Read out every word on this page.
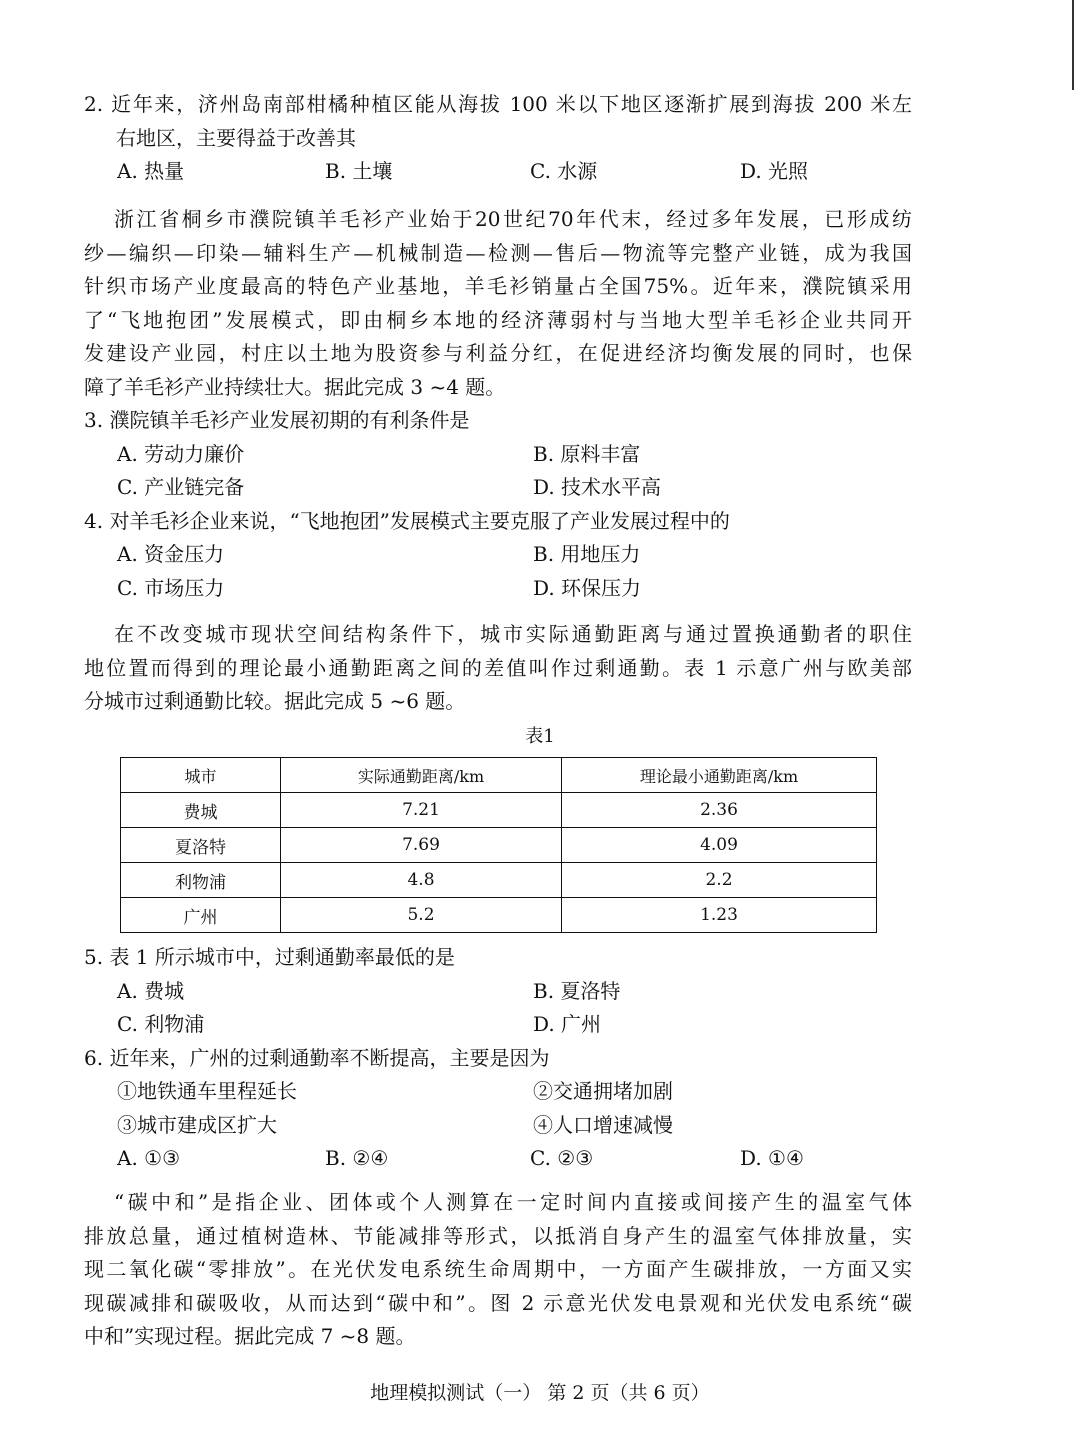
2. 近年来，济州岛南部柑橘种植区能从海拔 100 米以下地区逐渐扩展到海拔 200 米左
右地区，主要得益于改善其
A. 热量	B. 土壤	C. 水源	D. 光照
浙江省桐乡市濮院镇羊毛衫产业始于20世纪70年代末，经过多年发展，已形成纺
纱—编织—印染—辅料生产—机械制造—检测—售后—物流等完整产业链，成为我国
针织市场产业度最高的特色产业基地，羊毛衫销量占全国75%。近年来，濮院镇采用
了“飞地抱团”发展模式，即由桐乡本地的经济薄弱村与当地大型羊毛衫企业共同开
发建设产业园，村庄以土地为股资参与利益分红，在促进经济均衡发展的同时，也保
障了羊毛衫产业持续壮大。据此完成 3 ~4 题。
3. 濮院镇羊毛衫产业发展初期的有利条件是
A. 劳动力廉价	B. 原料丰富
C. 产业链完备	D. 技术水平高
4. 对羊毛衫企业来说，“飞地抱团”发展模式主要克服了产业发展过程中的
A. 资金压力	B. 用地压力
C. 市场压力	D. 环保压力
在不改变城市现状空间结构条件下，城市实际通勤距离与通过置换通勤者的职住
地位置而得到的理论最小通勤距离之间的差值叫作过剩通勤。表 1 示意广州与欧美部
分城市过剩通勤比较。据此完成 5 ~6 题。
表1
城市	实际通勤距离/km	理论最小通勤距离/km
费城	7.21	2.36
夏洛特	7.69	4.09
利物浦	4.8	2.2
广州	5.2	1.23
5. 表 1 所示城市中，过剩通勤率最低的是
A. 费城	B. 夏洛特
C. 利物浦	D. 广州
6. 近年来，广州的过剩通勤率不断提高，主要是因为
①地铁通车里程延长	②交通拥堵加剧
③城市建成区扩大	④人口增速减慢
A. ①③	B. ②④	C. ②③	D. ①④
“碳中和”是指企业、团体或个人测算在一定时间内直接或间接产生的温室气体
排放总量，通过植树造林、节能减排等形式，以抵消自身产生的温室气体排放量，实
现二氧化碳“零排放”。在光伏发电系统生命周期中，一方面产生碳排放，一方面又实
现碳减排和碳吸收，从而达到“碳中和”。图 2 示意光伏发电景观和光伏发电系统“碳
中和”实现过程。据此完成 7 ~8 题。
地理模拟测试（一） 第 2 页（共 6 页）
